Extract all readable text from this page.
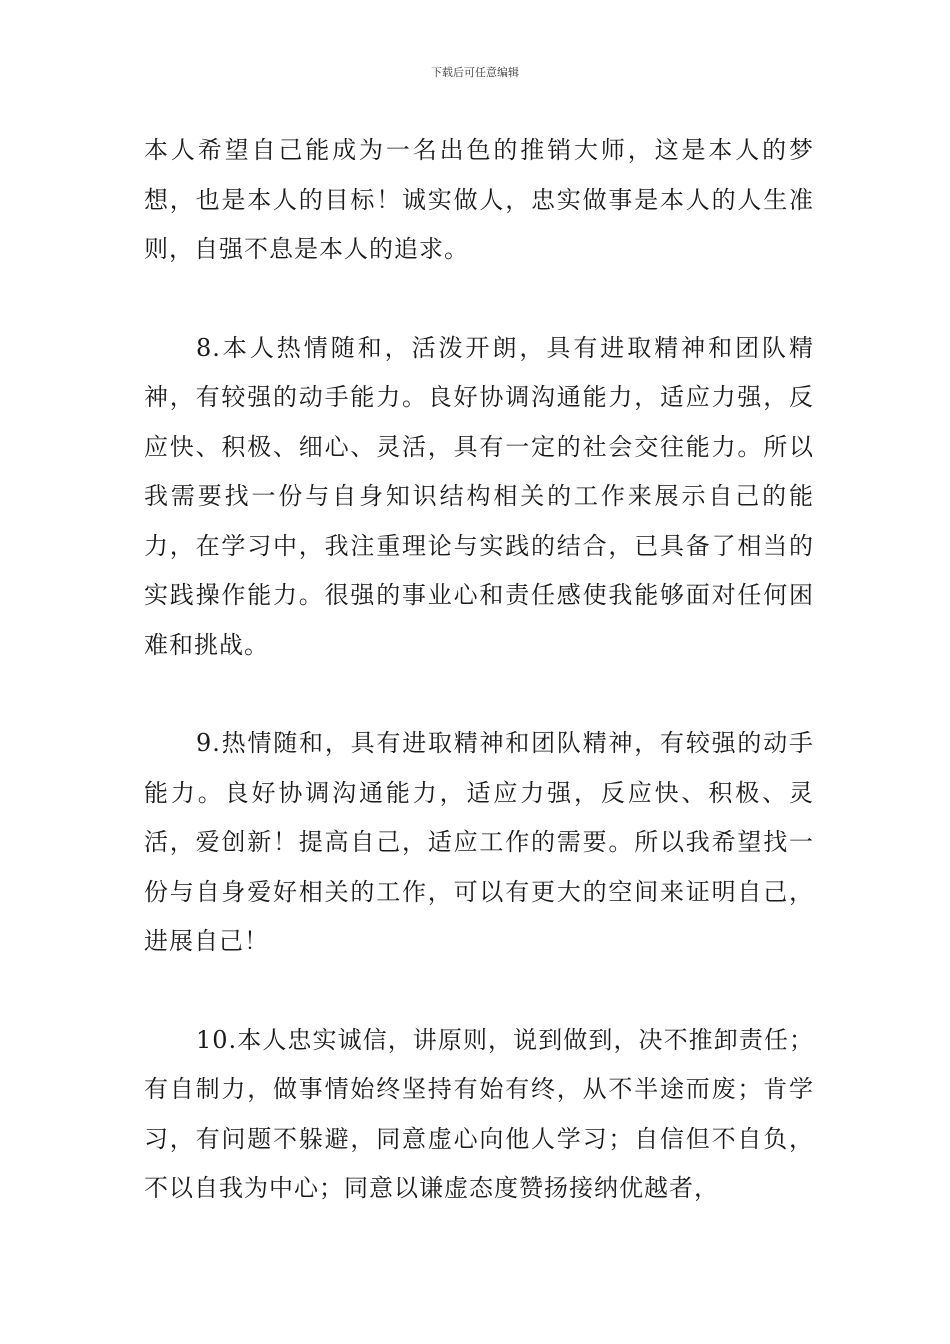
下载后可任意编辑

本人希望自己能成为一名出色的推销大师，这是本人的梦想，也是本人的目标！诚实做人，忠实做事是本人的人生准则，自强不息是本人的追求。

8.本人热情随和，活泼开朗，具有进取精神和团队精神，有较强的动手能力。良好协调沟通能力，适应力强，反应快、积极、细心、灵活，具有一定的社会交往能力。所以我需要找一份与自身知识结构相关的工作来展示自己的能力，在学习中，我注重理论与实践的结合，已具备了相当的实践操作能力。很强的事业心和责任感使我能够面对任何困难和挑战。

9.热情随和，具有进取精神和团队精神，有较强的动手能力。良好协调沟通能力，适应力强，反应快、积极、灵活，爱创新！提高自己，适应工作的需要。所以我希望找一份与自身爱好相关的工作，可以有更大的空间来证明自己，进展自己！

10.本人忠实诚信，讲原则，说到做到，决不推卸责任；有自制力，做事情始终坚持有始有终，从不半途而废；肯学习，有问题不躲避，同意虚心向他人学习；自信但不自负，不以自我为中心；同意以谦虚态度赞扬接纳优越者，
